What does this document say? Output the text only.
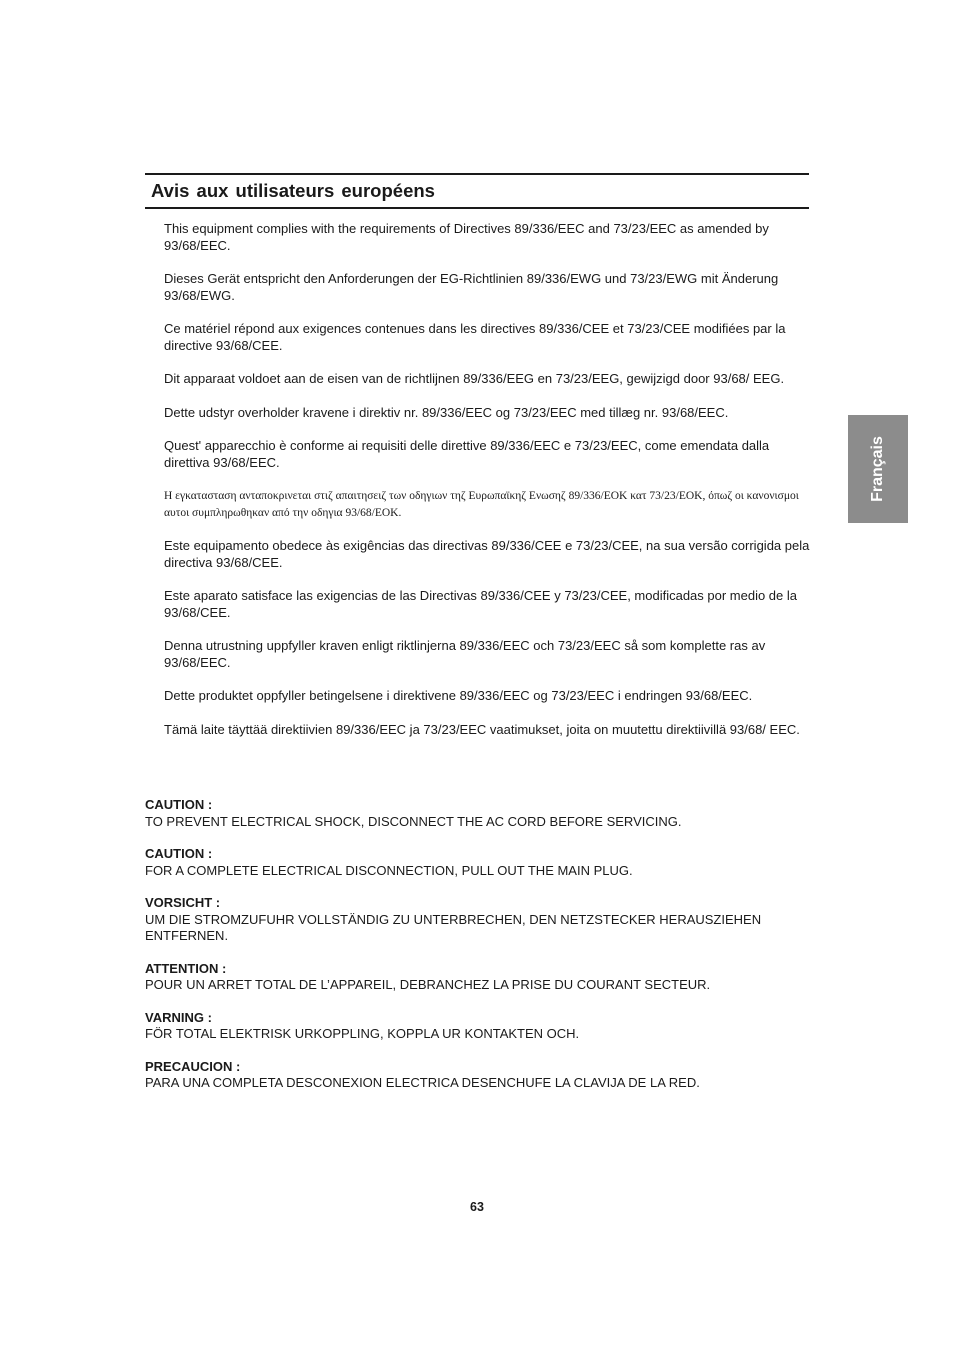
Avis aux utilisateurs européens
Français

This equipment complies with the requirements of Directives 89/336/EEC and 73/23/EEC as amended by 93/68/EEC.

Dieses Gerät entspricht den Anforderungen der EG-Richtlinien 89/336/EWG und 73/23/EWG mit Änderung 93/68/EWG.

Ce matériel répond aux exigences contenues dans les directives 89/336/CEE et 73/23/CEE modifiées par la directive 93/68/CEE.

Dit apparaat voldoet aan de eisen van de richtlijnen 89/336/EEG en 73/23/EEG, gewijzigd door 93/68/ EEG.

Dette udstyr overholder kravene i direktiv nr. 89/336/EEC og 73/23/EEC med tillæg nr. 93/68/EEC.

Quest' apparecchio è conforme ai requisiti delle direttive 89/336/EEC e 73/23/EEC, come emendata dalla direttiva 93/68/EEC.

Η εγκατασταση ανταποκρινεται στιζ απαιτησειζ των οδηγιων τηζ Ευρωπαϊκηζ Ενωσηζ 89/336/ΕΟΚ κατ 73/23/ΕΟΚ, όπωζ οι κανονισμοι αυτοι συμπληρωθηκαν από την οδηγια 93/68/ΕΟΚ.

Este equipamento obedece às exigências das directivas 89/336/CEE e 73/23/CEE, na sua versão corrigida pela directiva 93/68/CEE.

Este aparato satisface las exigencias de las Directivas 89/336/CEE y 73/23/CEE, modificadas por medio de la 93/68/CEE.

Denna utrustning uppfyller kraven enligt riktlinjerna 89/336/EEC och 73/23/EEC så som komplette ras av 93/68/EEC.

Dette produktet oppfyller betingelsene i direktivene 89/336/EEC og 73/23/EEC i endringen 93/68/EEC.

Tämä laite täyttää direktiivien 89/336/EEC ja 73/23/EEC vaatimukset, joita on muutettu direktiivillä 93/68/ EEC.

CAUTION :
TO PREVENT ELECTRICAL SHOCK, DISCONNECT THE AC CORD BEFORE SERVICING.
CAUTION :
FOR A COMPLETE ELECTRICAL DISCONNECTION, PULL OUT THE MAIN PLUG.
VORSICHT :
UM DIE STROMZUFUHR VOLLSTÄNDIG ZU UNTERBRECHEN, DEN NETZSTECKER HERAUSZIEHEN ENTFERNEN.
ATTENTION :
POUR UN ARRET TOTAL DE L’APPAREIL, DEBRANCHEZ LA PRISE DU COURANT SECTEUR.
VARNING :
FÖR TOTAL ELEKTRISK URKOPPLING, KOPPLA UR KONTAKTEN OCH.
PRECAUCION :
PARA UNA COMPLETA DESCONEXION ELECTRICA DESENCHUFE LA CLAVIJA DE LA RED.
63
